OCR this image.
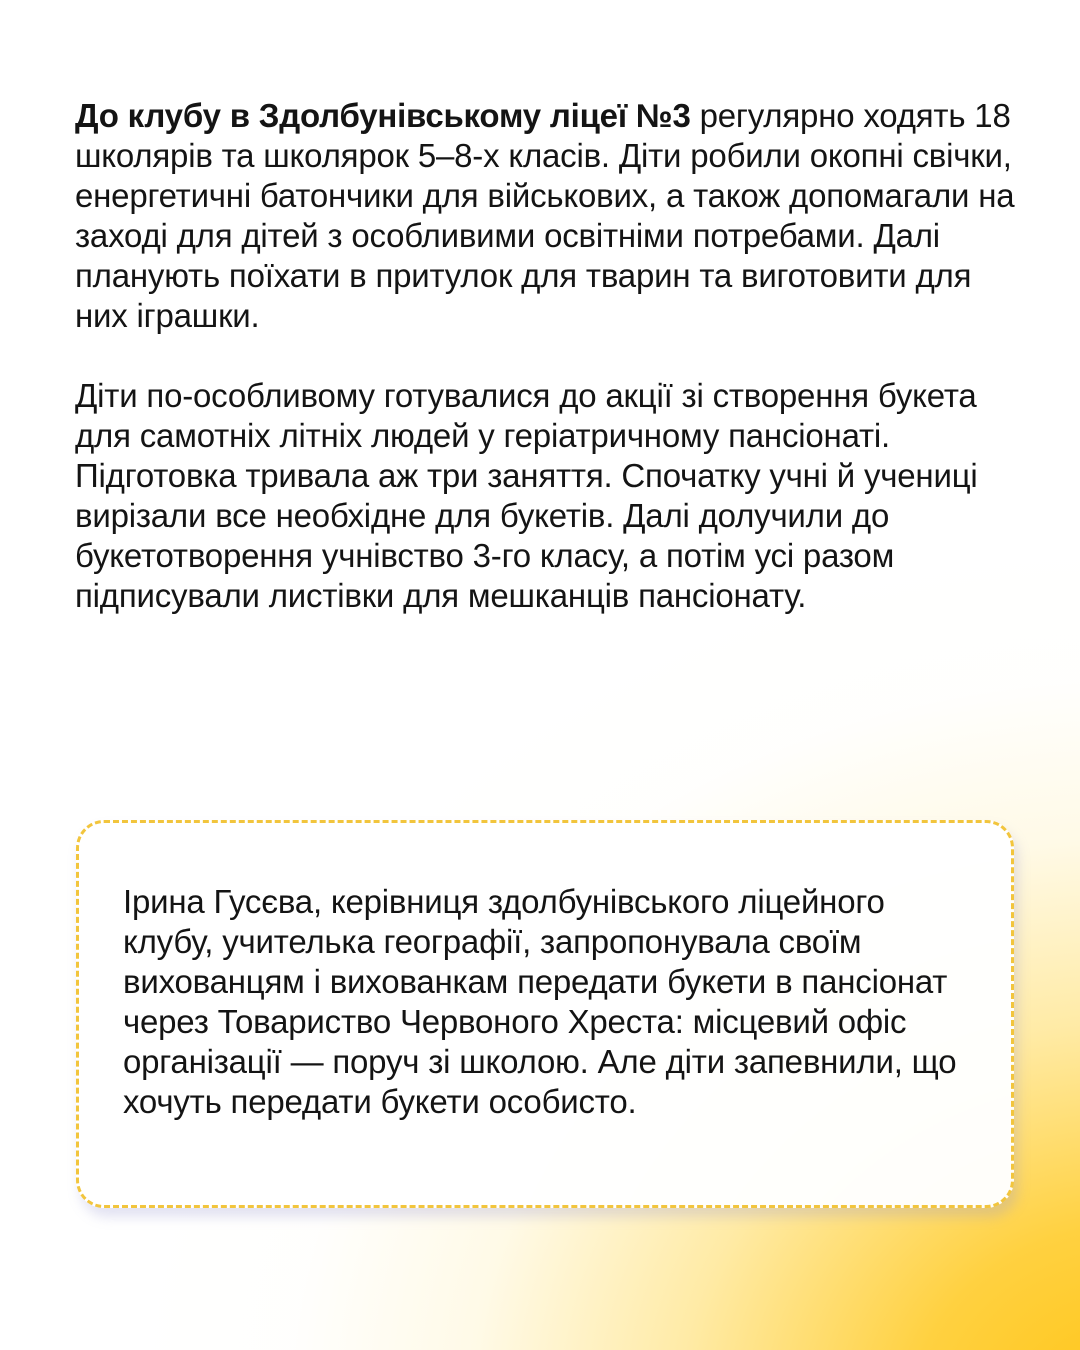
До клубу в Здолбунівському ліцеї №3 регулярно ходять 18 школярів та школярок 5–8-х класів. Діти робили окопні свічки, енергетичні батончики для військових, а також допомагали на заході для дітей з особливими освітніми потребами. Далі планують поїхати в притулок для тварин та виготовити для них іграшки.

Діти по-особливому готувалися до акції зі створення букета для самотніх літніх людей у геріатричному пансіонаті. Підготовка тривала аж три заняття. Спочатку учні й учениці вирізали все необхідне для букетів. Далі долучили до букетотворення учнівство 3-го класу, а потім усі разом підписували листівки для мешканців пансіонату.

Ірина Гусєва, керівниця здолбунівського ліцейного клубу, учителька географії, запропонувала своїм вихованцям і вихованкам передати букети в пансіонат через Товариство Червоного Хреста: місцевий офіс організації — поруч зі школою. Але діти запевнили, що хочуть передати букети особисто.
